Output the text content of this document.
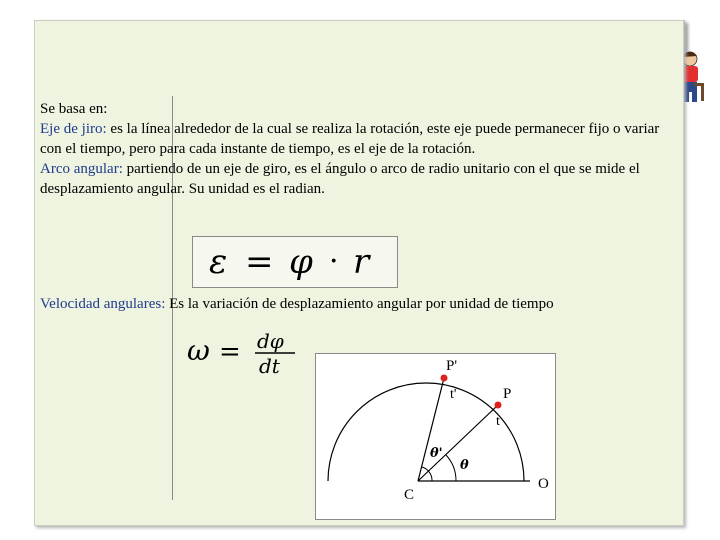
Se basa en:

Eje de jiro: es la línea alrededor de la cual se realiza la rotación, este eje puede permanecer fijo o variar con el tiempo, pero para cada instante de tiempo, es el eje de la rotación.

Arco angular: partiendo de un eje de giro, es el ángulo o arco de radio unitario con el que se mide el desplazamiento angular. Su unidad es el radian.

ε = φ · r
Velocidad angulares: Es la variación de desplazamiento angular por unidad de tiempo
ω = dφ
dt	P'
t'	P
t
θ'
θ
C
O
